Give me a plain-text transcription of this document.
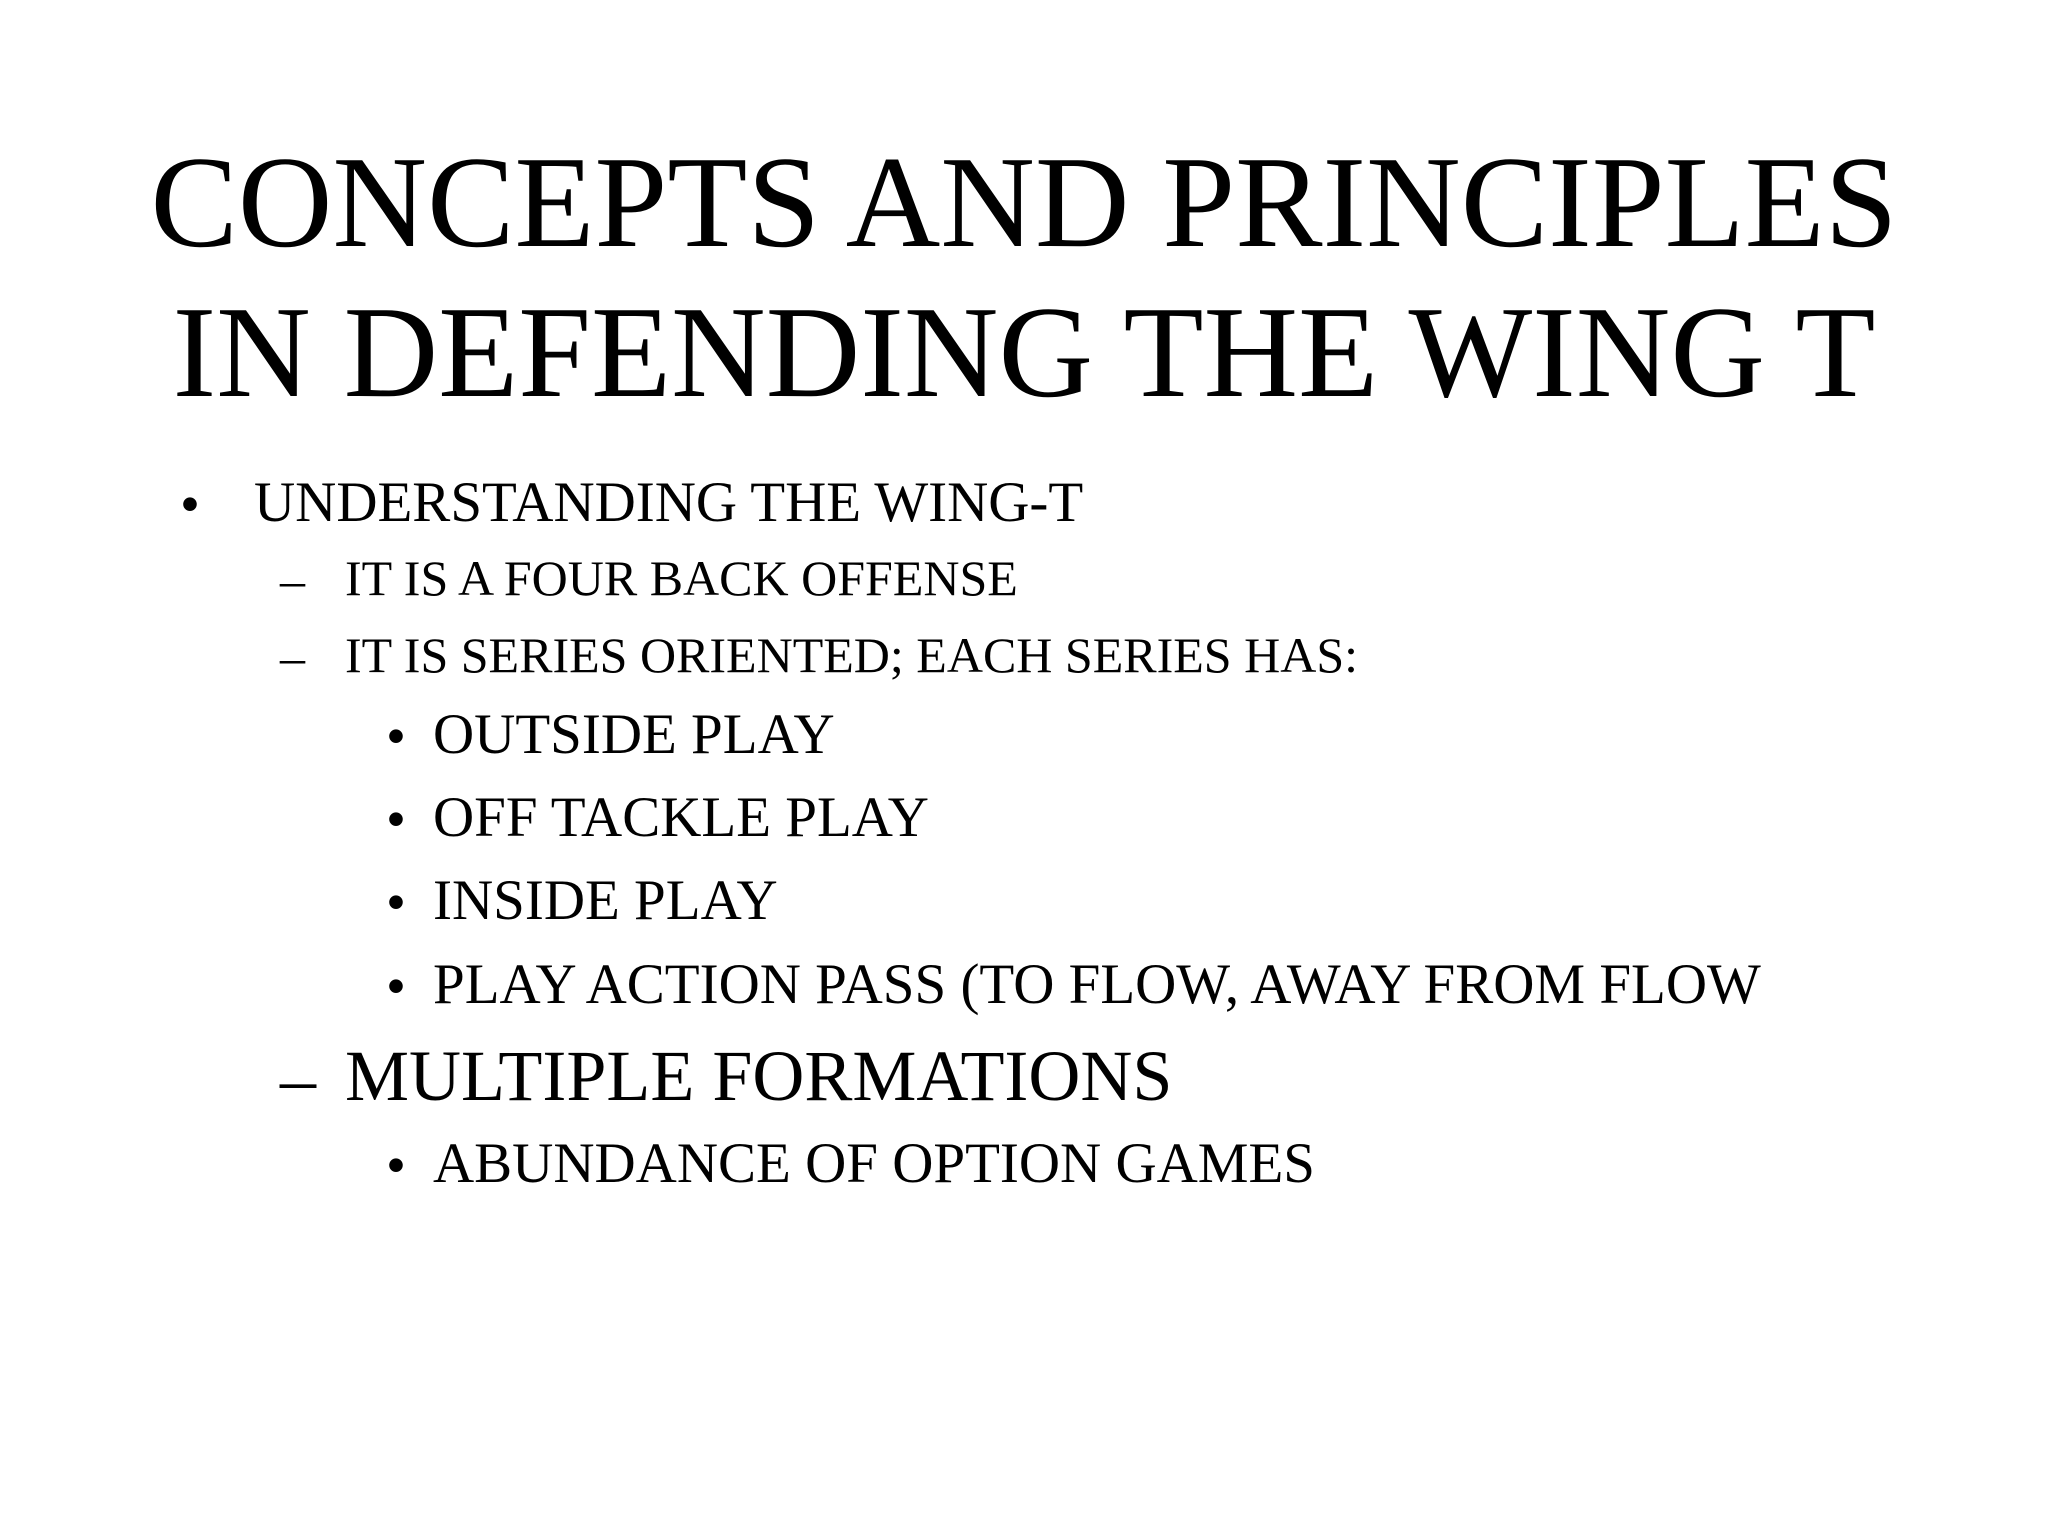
CONCEPTS AND PRINCIPLES
IN DEFENDING THE WING T
• UNDERSTANDING THE WING-T
– IT IS A FOUR BACK OFFENSE
– IT IS SERIES ORIENTED; EACH SERIES HAS:
• OUTSIDE PLAY
• OFF TACKLE PLAY
• INSIDE PLAY
• PLAY ACTION PASS (TO FLOW, AWAY FROM FLOW
– MULTIPLE FORMATIONS
• ABUNDANCE OF OPTION GAMES
